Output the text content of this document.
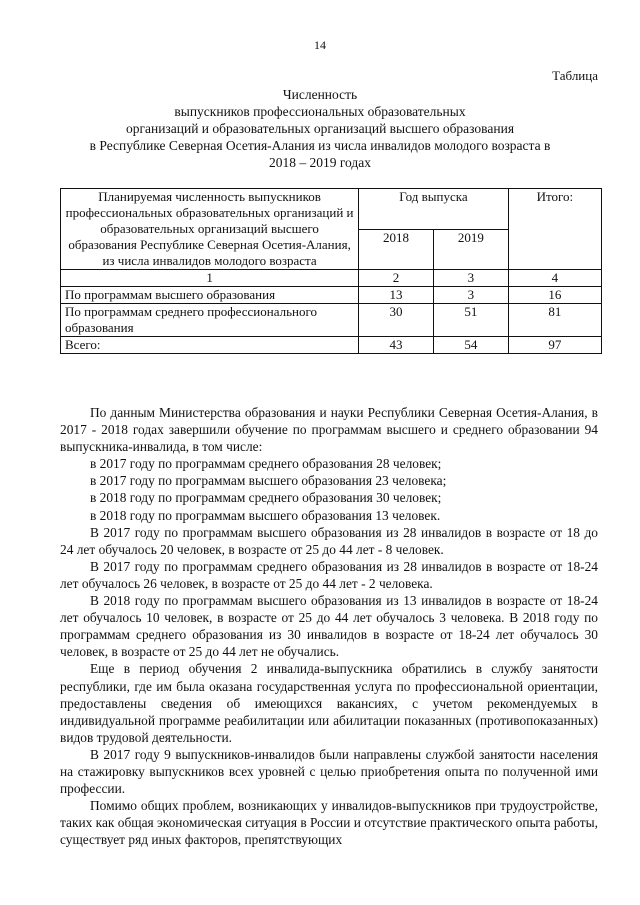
14
Таблица
Численность
выпускников профессиональных образовательных
организаций и образовательных организаций высшего образования
в Республике Северная Осетия-Алания из числа инвалидов молодого возраста в
2018 – 2019 годах
Планируемая численность выпускников профессиональных образовательных организаций и образовательных организаций высшего образования Республике Северная Осетия-Алания, из числа инвалидов молодого возраста	Год выпуска		Итого:
	2018	2019	
1	2	3	4
По программам высшего образования	13	3	16
По программам среднего профессионального образования	30	51	81
Всего:	43	54	97

По данным Министерства образования и науки Республики Северная Осетия-Алания, в 2017 - 2018 годах завершили обучение по программам высшего и среднего образовании 94 выпускника-инвалида, в том числе:

в 2017 году по программам среднего образования 28 человек;

в 2017 году по программам высшего образования 23 человека;

в 2018 году по программам среднего образования 30 человек;

в 2018 году по программам высшего образования 13 человек.

В 2017 году по программам высшего образования из 28 инвалидов в возрасте от 18 до 24 лет обучалось 20 человек, в возрасте от 25 до 44 лет - 8 человек.

В 2017 году по программам среднего образования из 28 инвалидов в возрасте от 18-24 лет обучалось 26 человек, в возрасте от 25 до 44 лет - 2 человека.

В 2018 году по программам высшего образования из 13 инвалидов в возрасте от 18-24 лет обучалось 10 человек, в возрасте от 25 до 44 лет обучалось 3 человека. В 2018 году по программам среднего образования из 30 инвалидов в возрасте от 18-24 лет обучалось 30 человек, в возрасте от 25 до 44 лет не обучались.

Еще в период обучения 2 инвалида-выпускника обратились в службу занятости республики, где им была оказана государственная услуга по профессиональной ориентации, предоставлены сведения об имеющихся вакансиях, с учетом рекомендуемых в индивидуальной программе реабилитации или абилитации показанных (противопоказанных) видов трудовой деятельности.

В 2017 году 9 выпускников-инвалидов были направлены службой занятости населения на стажировку выпускников всех уровней с целью приобретения опыта по полученной ими профессии.

Помимо общих проблем, возникающих у инвалидов-выпускников при трудоустройстве, таких как общая экономическая ситуация в России и отсутствие практического опыта работы, существует ряд иных факторов, препятствующих
